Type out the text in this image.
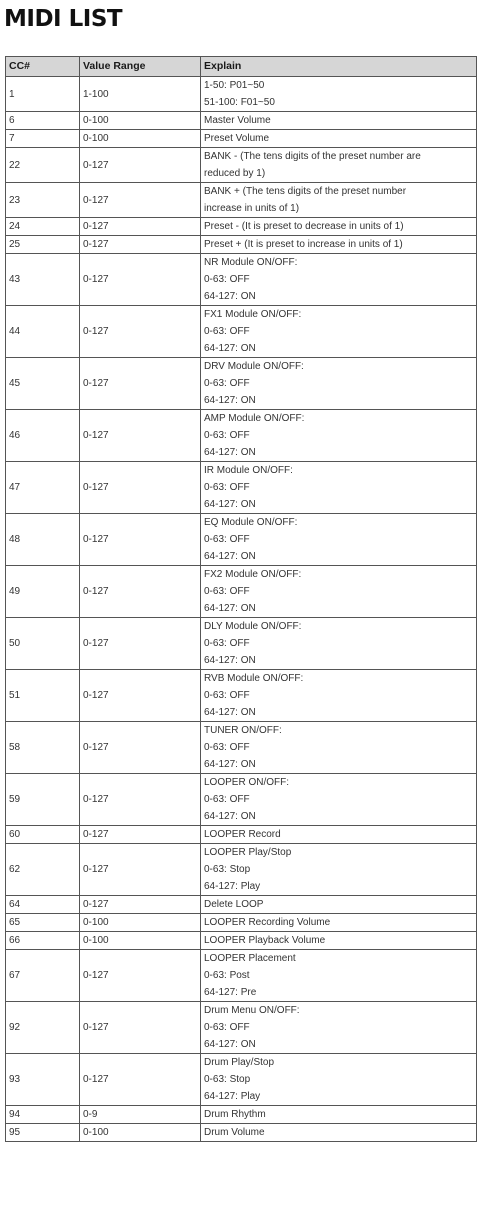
MIDI LIST
CC#	Value Range	Explain
1	1-100	1-50: P01~50
51-100: F01~50

6	0-100	Master Volume

7	0-100	Preset Volume

22	0-127	BANK - (The tens digits of the preset number are
reduced by 1)

23	0-127	BANK + (The tens digits of the preset number
increase in units of 1)

24	0-127	Preset - (It is preset to decrease in units of 1)

25	0-127	Preset + (It is preset to increase in units of 1)

43	0-127	NR Module ON/OFF:
0-63: OFF
64-127: ON

44	0-127	FX1 Module ON/OFF:
0-63: OFF
64-127: ON

45	0-127	DRV Module ON/OFF:
0-63: OFF
64-127: ON

46	0-127	AMP Module ON/OFF:
0-63: OFF
64-127: ON

47	0-127	IR Module ON/OFF:
0-63: OFF
64-127: ON

48	0-127	EQ Module ON/OFF:
0-63: OFF
64-127: ON

49	0-127	FX2 Module ON/OFF:
0-63: OFF
64-127: ON

50	0-127	DLY Module ON/OFF:
0-63: OFF
64-127: ON

51	0-127	RVB Module ON/OFF:
0-63: OFF
64-127: ON

58	0-127	TUNER ON/OFF:
0-63: OFF
64-127: ON

59	0-127	LOOPER ON/OFF:
0-63: OFF
64-127: ON

60	0-127	LOOPER Record

62	0-127	LOOPER Play/Stop
0-63: Stop
64-127: Play

64	0-127	Delete LOOP

65	0-100	LOOPER Recording Volume

66	0-100	LOOPER Playback Volume

67	0-127	LOOPER Placement
0-63: Post
64-127: Pre

92	0-127	Drum Menu ON/OFF:
0-63: OFF
64-127: ON

93	0-127	Drum Play/Stop
0-63: Stop
64-127: Play

94	0-9	Drum Rhythm

95	0-100	Drum Volume
